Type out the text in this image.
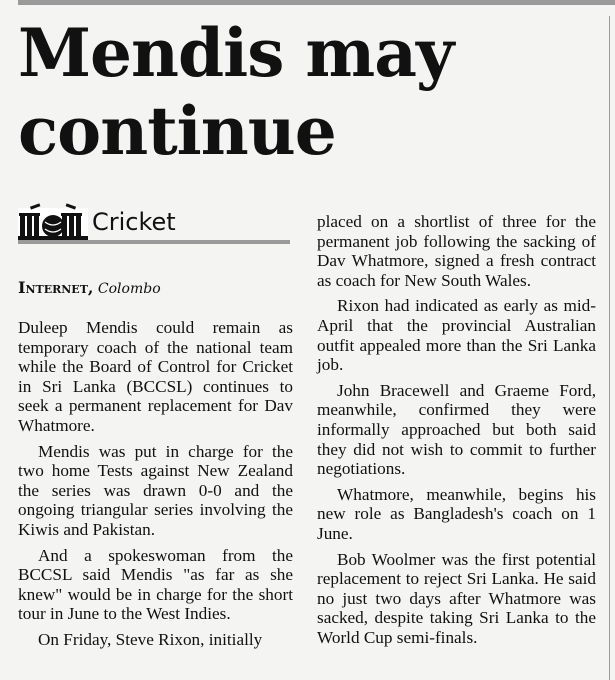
Mendis may
continue
Cricket
Internet, Colombo

Duleep Mendis could remain as temporary coach of the national team while the Board of Control for Cricket in Sri Lanka (BCCSL) continues to seek a permanent replacement for Dav Whatmore.

Mendis was put in charge for the two home Tests against New Zealand the series was drawn 0-0 and the ongoing triangular series involving the Kiwis and Pakistan.

And a spokeswoman from the BCCSL said Mendis "as far as she knew" would be in charge for the short tour in June to the West Indies.

On Friday, Steve Rixon, initially

placed on a shortlist of three for the permanent job following the sacking of Dav Whatmore, signed a fresh contract as coach for New South Wales.

Rixon had indicated as early as mid-April that the provincial Australian outfit appealed more than the Sri Lanka job.

John Bracewell and Graeme Ford, meanwhile, confirmed they were informally approached but both said they did not wish to commit to further negotiations.

Whatmore, meanwhile, begins his new role as Bangladesh's coach on 1 June.

Bob Woolmer was the first potential replacement to reject Sri Lanka. He said no just two days after Whatmore was sacked, despite taking Sri Lanka to the World Cup semi-finals.
